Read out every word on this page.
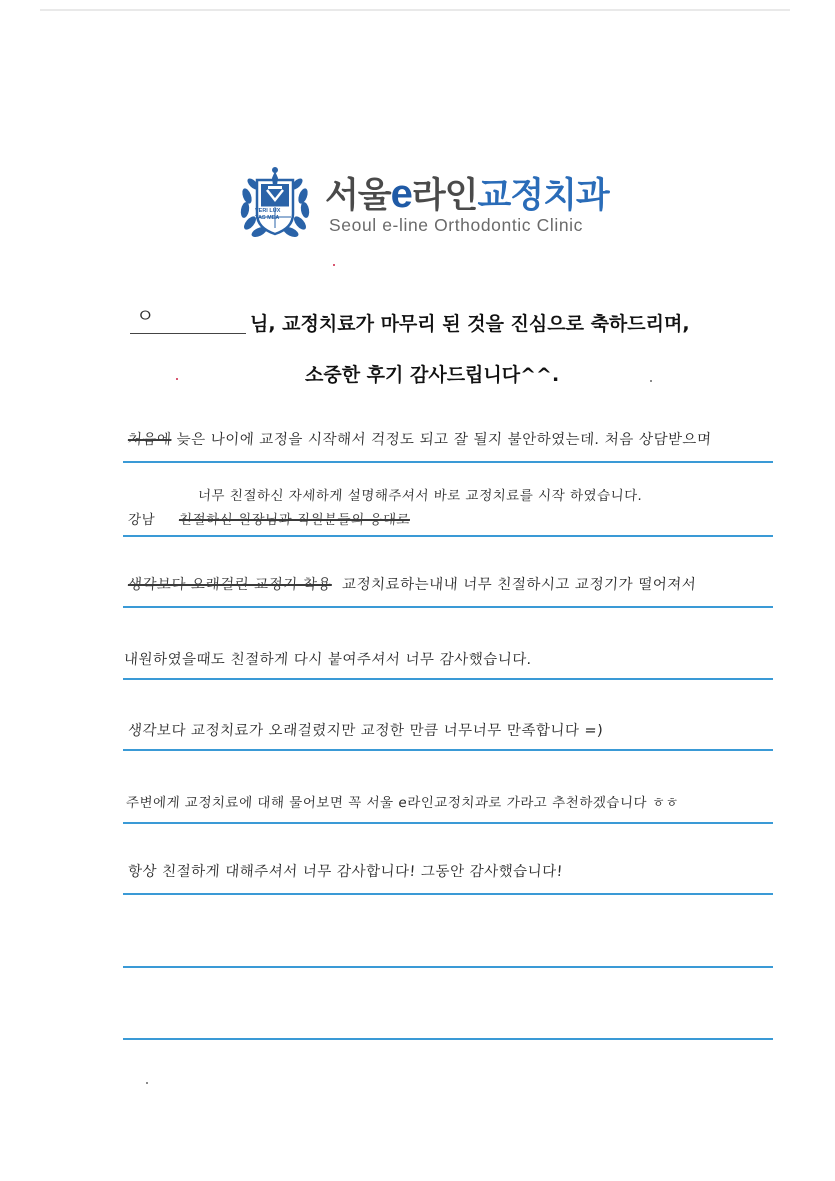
VERI LUX
TAS MEA
서울e라인교정치과
Seoul e-line Orthodontic Clinic
ㅇ	님, 교정치료가 마무리 된 것을 진심으로 축하드리며,
소중한 후기 감사드립니다^^.
처음에 늦은 나이에 교정을 시작해서 걱정도 되고 잘 될지 불안하였는데. 처음 상담받으며
너무 친절하신 자세하게 설명해주셔서 바로 교정치료를 시작 하였습니다.
강남 친절하신 원장님과 직원분들의 응대로
생각보다 오래걸린 교정기 착용 교정치료하는내내 너무 친절하시고 교정기가 떨어져서
내원하였을때도 친절하게 다시 붙여주셔서 너무 감사했습니다.
생각보다 교정치료가 오래걸렸지만 교정한 만큼 너무너무 만족합니다 =)
주변에게 교정치료에 대해 물어보면 꼭 서울 e라인교정치과로 가라고 추천하겠습니다 ㅎㅎ
항상 친절하게 대해주셔서 너무 감사합니다! 그동안 감사했습니다!
